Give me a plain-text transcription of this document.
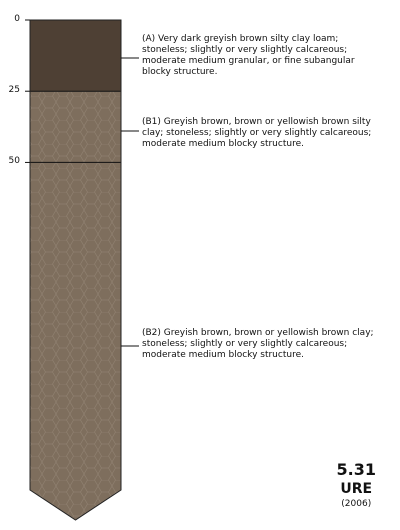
0
25
50
(A) Very dark greyish brown silty clay loam; stoneless; slightly or very slightly calcareous; moderate medium granular, or fine subangular blocky structure.
(B1) Greyish brown, brown or yellowish brown silty clay; stoneless; slightly or very slightly calcareous; moderate medium blocky structure.
(B2) Greyish brown, brown or yellowish brown clay; stoneless; slightly or very slightly calcareous; moderate medium blocky structure.
5.31
URE
(2006)
